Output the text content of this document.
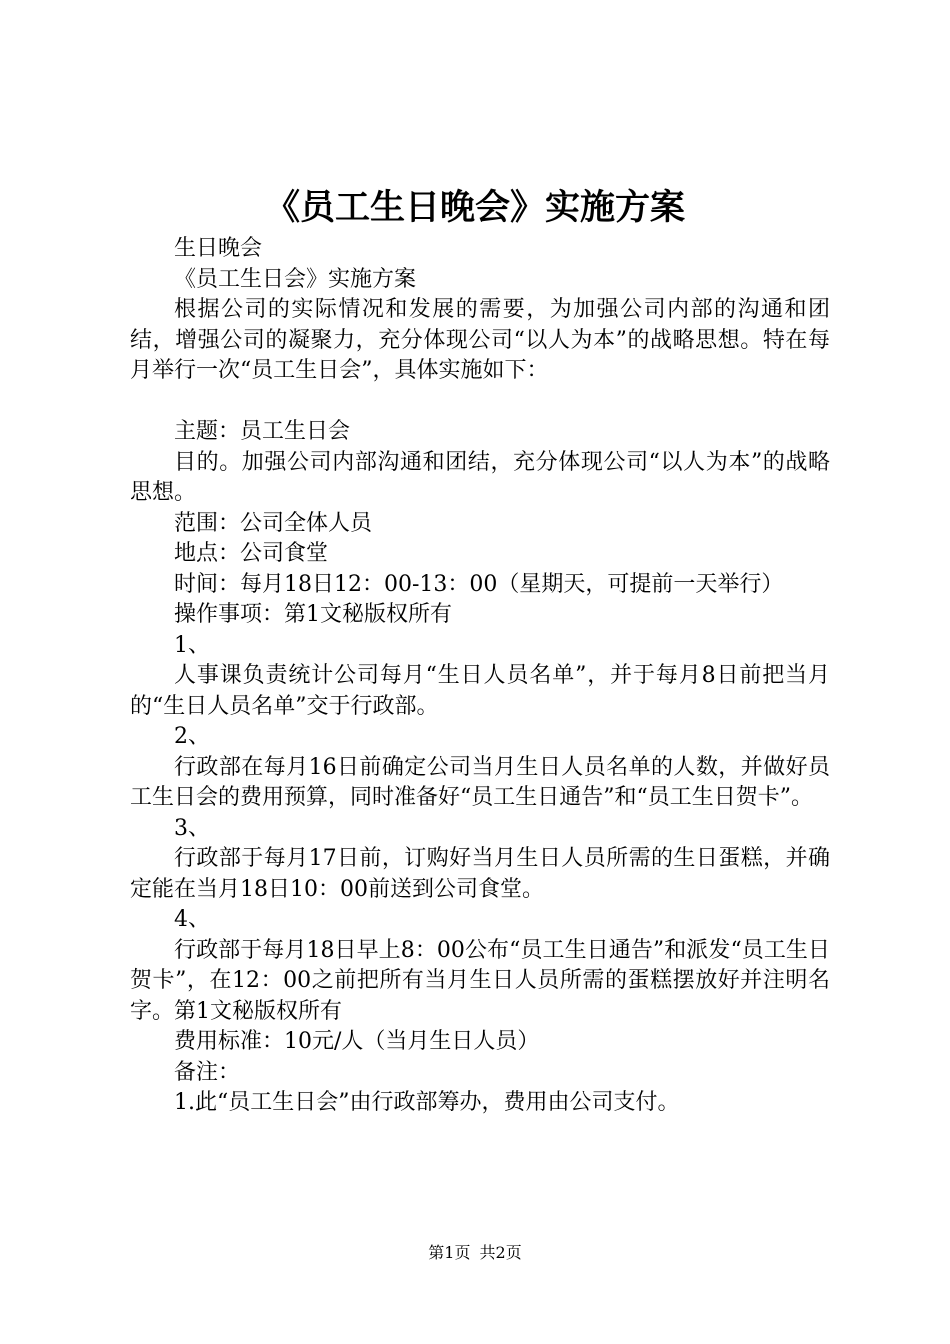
《员工生日晚会》实施方案

生日晚会

《员工生日会》实施方案

根据公司的实际情况和发展的需要，为加强公司内部的沟通和团结，增强公司的凝聚力，充分体现公司“以人为本”的战略思想。特在每月举行一次“员工生日会”，具体实施如下：

主题：员工生日会

目的。加强公司内部沟通和团结，充分体现公司“以人为本”的战略思想。

范围：公司全体人员

地点：公司食堂

时间：每月18日12：00-13：00（星期天，可提前一天举行）

操作事项：第1文秘版权所有

1、

人事课负责统计公司每月“生日人员名单”，并于每月8日前把当月的“生日人员名单”交于行政部。

2、

行政部在每月16日前确定公司当月生日人员名单的人数，并做好员工生日会的费用预算，同时准备好“员工生日通告”和“员工生日贺卡”。

3、

行政部于每月17日前，订购好当月生日人员所需的生日蛋糕，并确定能在当月18日10：00前送到公司食堂。

4、

行政部于每月18日早上8：00公布“员工生日通告”和派发“员工生日贺卡”，在12：00之前把所有当月生日人员所需的蛋糕摆放好并注明名字。第1文秘版权所有

费用标准：10元/人（当月生日人员）

备注：

1.此“员工生日会”由行政部筹办，费用由公司支付。

第1页 共2页
